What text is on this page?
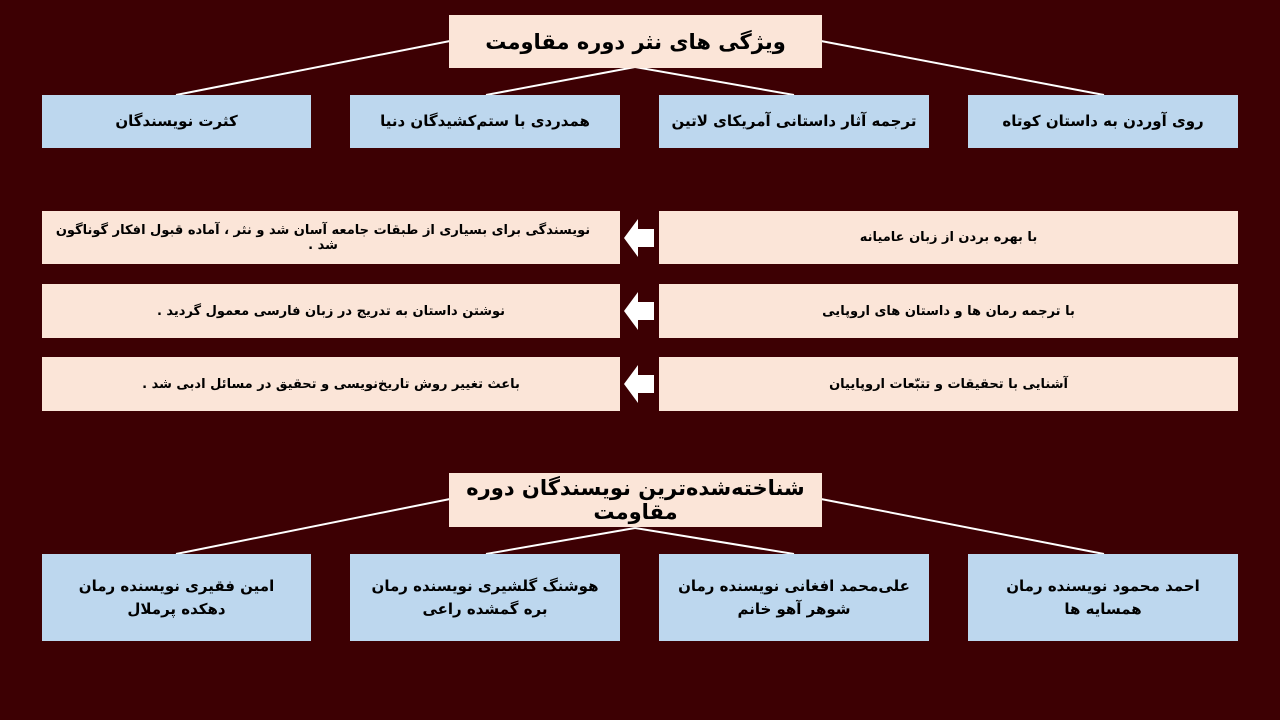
ویژگی های نثر دوره مقاومت
روی آوردن به داستان کوتاه
ترجمه آثار داستانی آمریکای لاتین
همدردی با ستم‌کشیدگان دنیا
کثرت نویسندگان
با بهره بردن از زبان عامیانه
نویسندگی برای بسیاری از طبقات جامعه آسان شد و نثر ، آماده قبول افکار گوناگون شد .
با ترجمه رمان ها و داستان های اروپایی
نوشتن داستان به تدریج در زبان فارسی معمول گردید .
آشنایی با تحقیقات و تتبّعات اروپاییان
باعث تغییر روش تاریخ‌نویسی و تحقیق در مسائل ادبی شد .
شناخته‌شده‌ترین نویسندگان دوره مقاومت
احمد محمود نویسنده رمان
همسایه ها
علی‌محمد افغانی نویسنده رمان
شوهر آهو خانم
هوشنگ گلشیری نویسنده رمان
بره گمشده راعی
امین فقیری نویسنده رمان
دهکده پرملال
